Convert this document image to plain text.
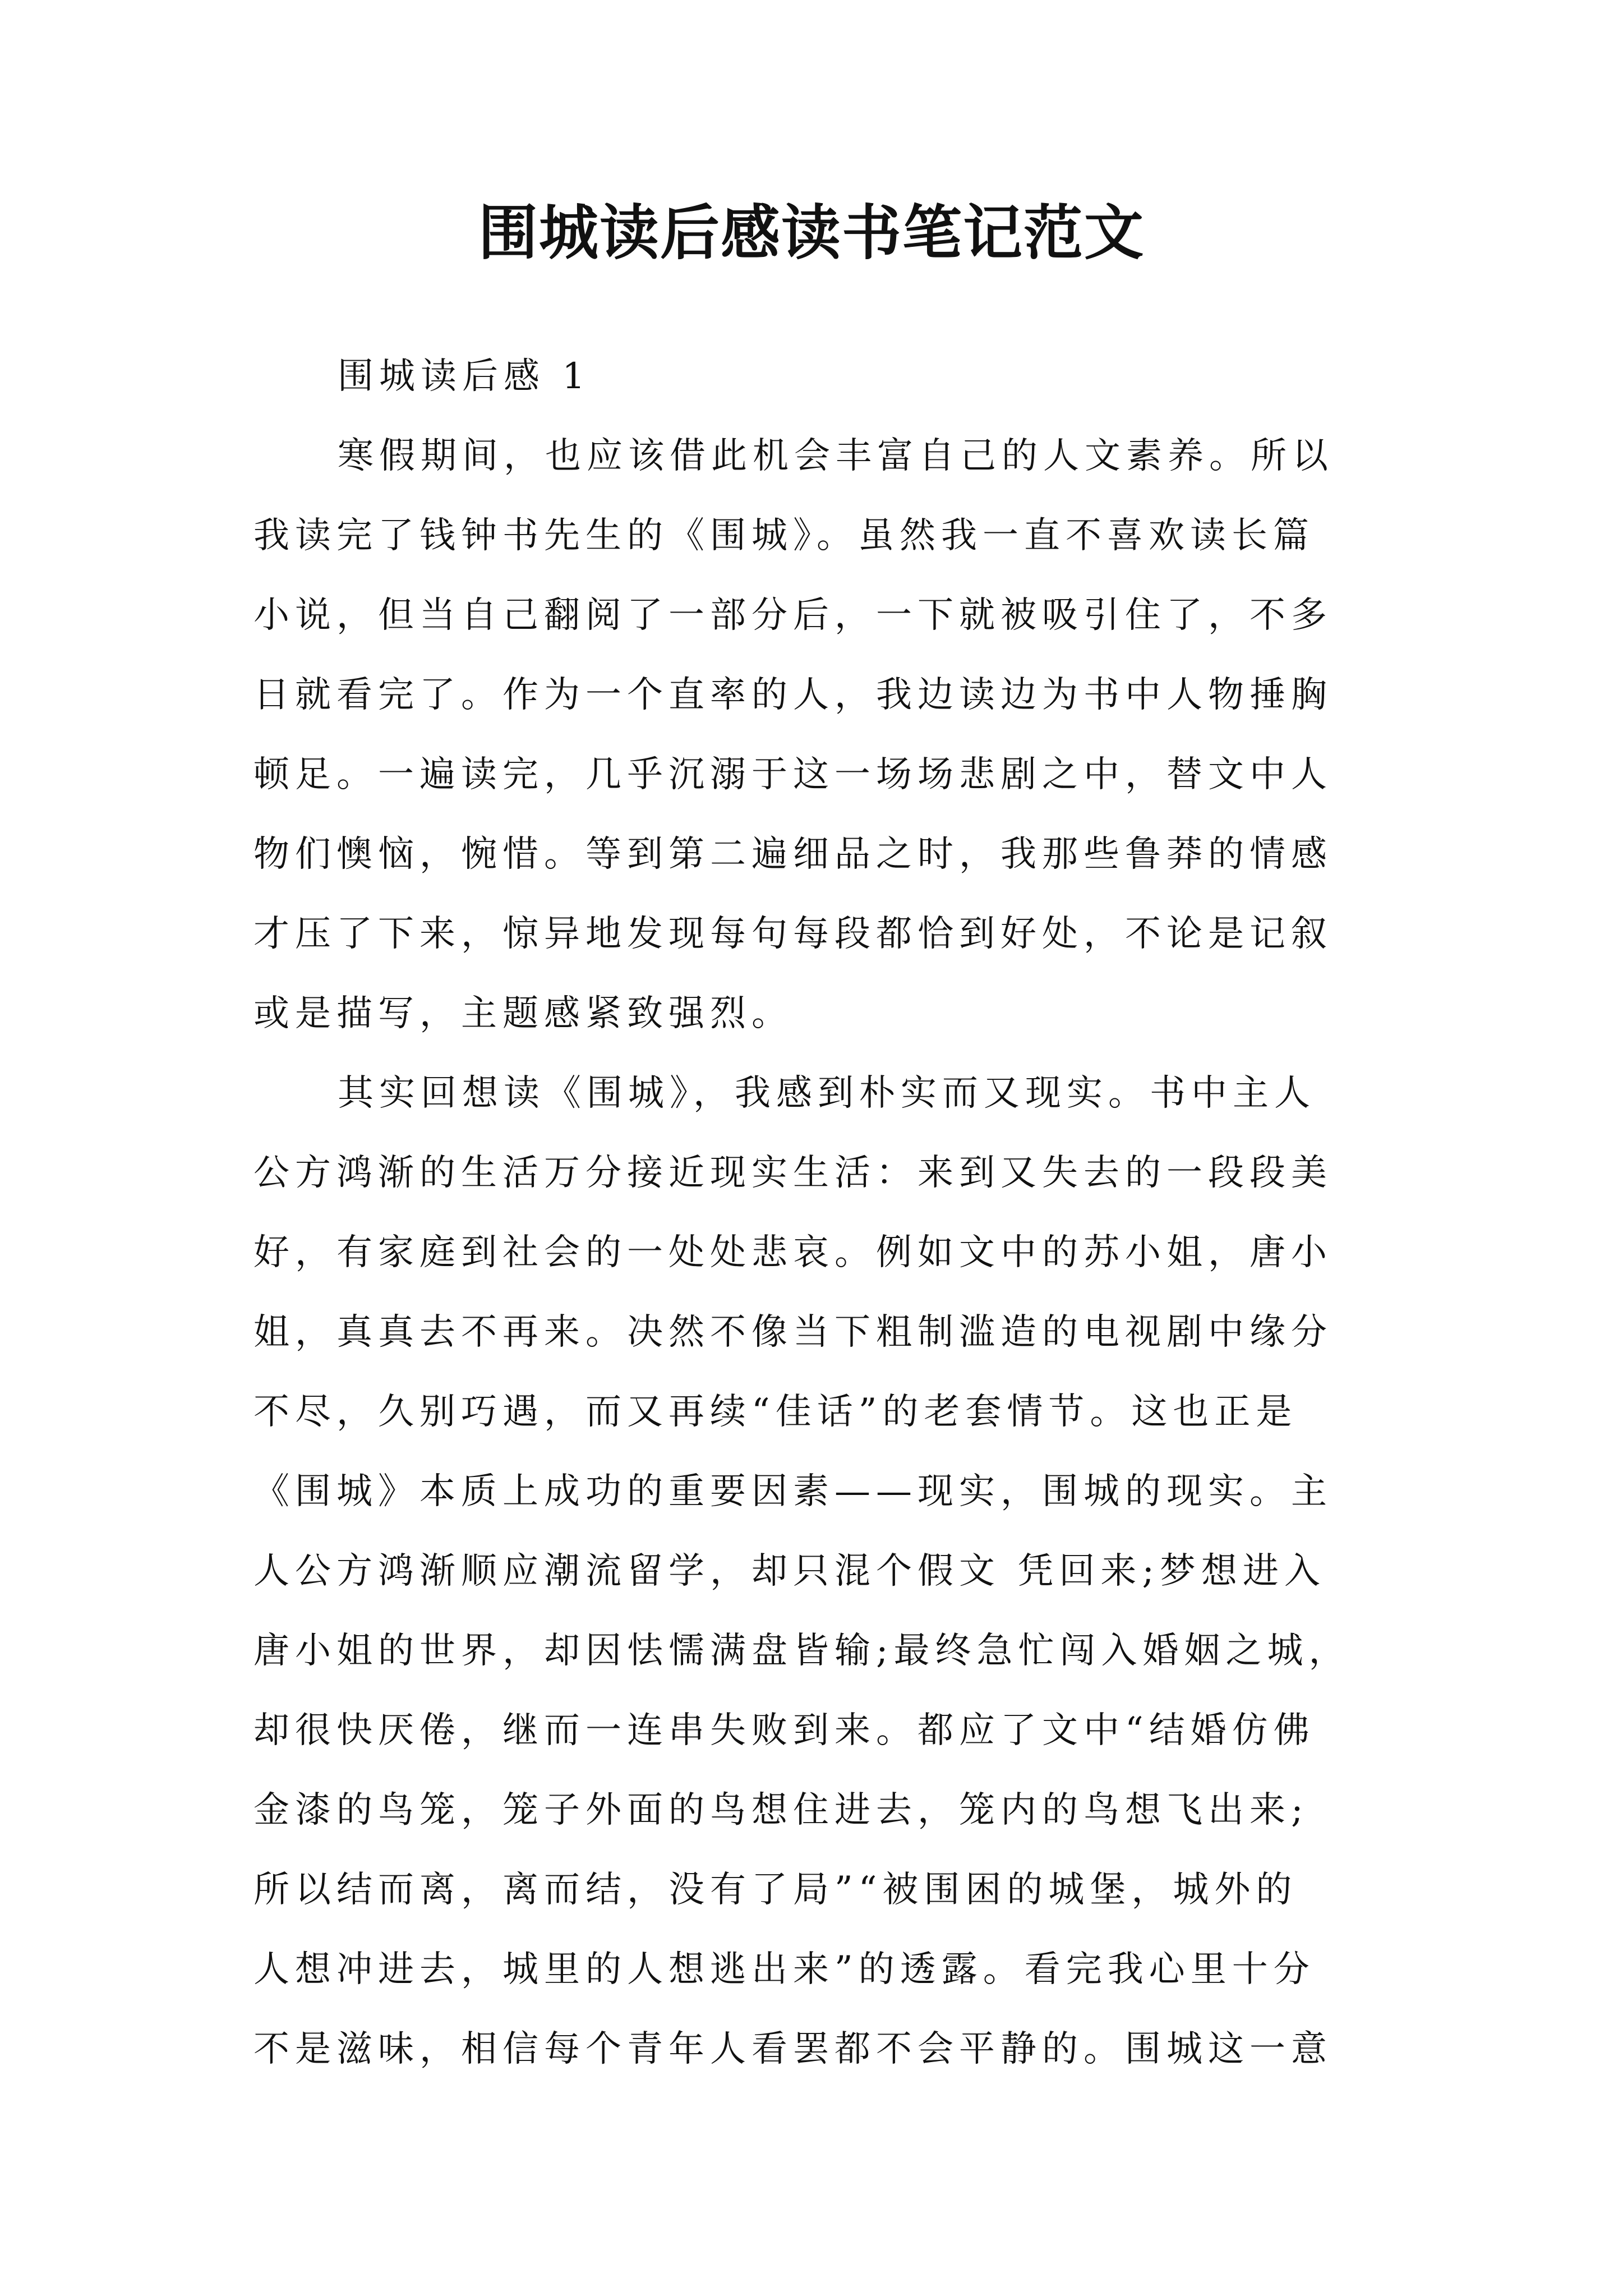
围城读后感读书笔记范文
围城读后感 1
寒假期间，也应该借此机会丰富自己的人文素养。所以
我读完了钱钟书先生的《围城》。虽然我一直不喜欢读长篇
小说，但当自己翻阅了一部分后，一下就被吸引住了，不多
日就看完了。作为一个直率的人，我边读边为书中人物捶胸
顿足。一遍读完，几乎沉溺于这一场场悲剧之中，替文中人
物们懊恼，惋惜。等到第二遍细品之时，我那些鲁莽的情感
才压了下来，惊异地发现每句每段都恰到好处，不论是记叙
或是描写，主题感紧致强烈。
其实回想读《围城》，我感到朴实而又现实。书中主人
公方鸿渐的生活万分接近现实生活：来到又失去的一段段美
好，有家庭到社会的一处处悲哀。例如文中的苏小姐，唐小
姐，真真去不再来。决然不像当下粗制滥造的电视剧中缘分
不尽，久别巧遇，而又再续“佳话”的老套情节。这也正是
《围城》本质上成功的重要因素——现实，围城的现实。主
人公方鸿渐顺应潮流留学，却只混个假文 凭回来;梦想进入
唐小姐的世界，却因怯懦满盘皆输;最终急忙闯入婚姻之城，
却很快厌倦，继而一连串失败到来。都应了文中“结婚仿佛
金漆的鸟笼，笼子外面的鸟想住进去，笼内的鸟想飞出来;
所以结而离，离而结，没有了局”“被围困的城堡，城外的
人想冲进去，城里的人想逃出来”的透露。看完我心里十分
不是滋味，相信每个青年人看罢都不会平静的。围城这一意
